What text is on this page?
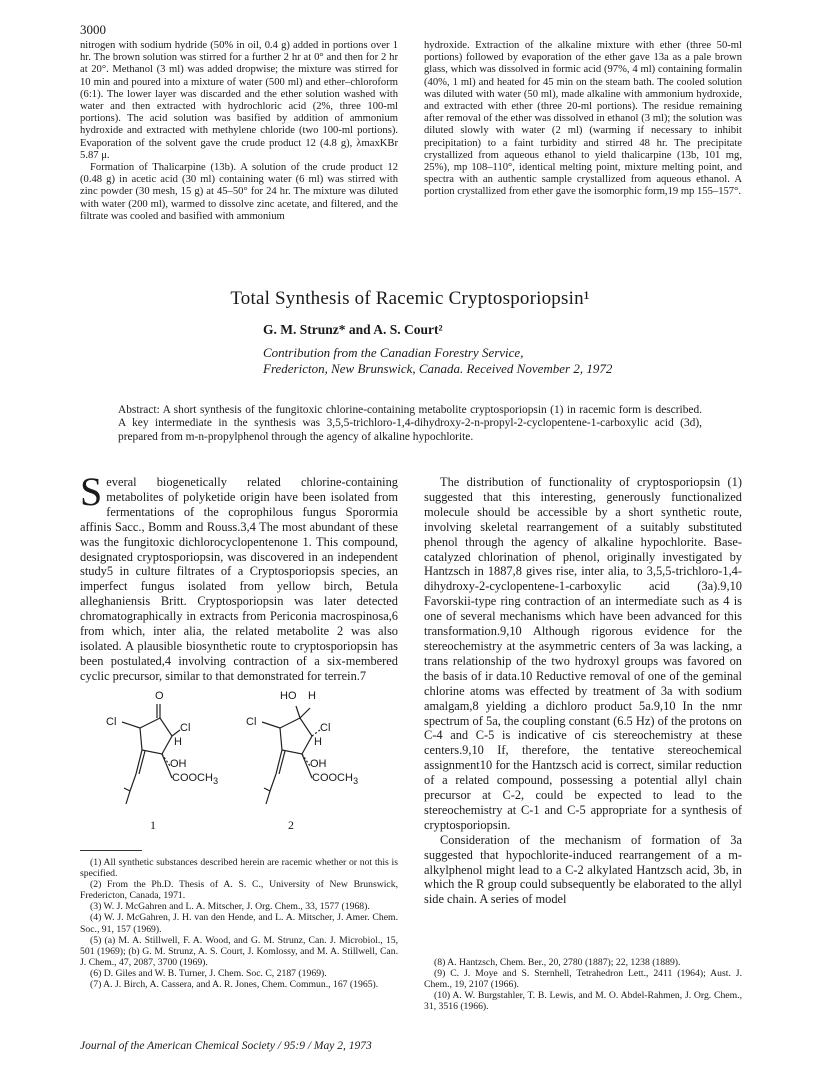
3000

nitrogen with sodium hydride (50% in oil, 0.4 g) added in portions over 1 hr. The brown solution was stirred for a further 2 hr at 0° and then for 2 hr at 20°. Methanol (3 ml) was added dropwise; the mixture was stirred for 10 min and poured into a mixture of water (500 ml) and ether–chloroform (6:1). The lower layer was discarded and the ether solution washed with water and then extracted with hydrochloric acid (2%, three 100-ml portions). The acid solution was basified by addition of ammonium hydroxide and extracted with methylene chloride (two 100-ml portions). Evaporation of the solvent gave the crude product 12 (4.8 g), λmaxKBr 5.87 μ.

Formation of Thalicarpine (13b). A solution of the crude product 12 (0.48 g) in acetic acid (30 ml) containing water (6 ml) was stirred with zinc powder (30 mesh, 15 g) at 45–50° for 24 hr. The mixture was diluted with water (200 ml), warmed to dissolve zinc acetate, and filtered, and the filtrate was cooled and basified with ammonium

hydroxide. Extraction of the alkaline mixture with ether (three 50-ml portions) followed by evaporation of the ether gave 13a as a pale brown glass, which was dissolved in formic acid (97%, 4 ml) containing formalin (40%, 1 ml) and heated for 45 min on the steam bath. The cooled solution was diluted with water (50 ml), made alkaline with ammonium hydroxide, and extracted with ether (three 20-ml portions). The residue remaining after removal of the ether was dissolved in ethanol (3 ml); the solution was diluted slowly with water (2 ml) (warming if necessary to inhibit precipitation) to a faint turbidity and stirred 48 hr. The precipitate crystallized from aqueous ethanol to yield thalicarpine (13b, 101 mg, 25%), mp 108–110°, identical melting point, mixture melting point, and spectra with an authentic sample crystallized from aqueous ethanol. A portion crystallized from ether gave the isomorphic form,19 mp 155–157°.

Total Synthesis of Racemic Cryptosporiopsin¹
G. M. Strunz* and A. S. Court²
Contribution from the Canadian Forestry Service,
Fredericton, New Brunswick, Canada. Received November 2, 1972
Abstract: A short synthesis of the fungitoxic chlorine-containing metabolite cryptosporiopsin (1) in racemic form is described. A key intermediate in the synthesis was 3,5,5-trichloro-1,4-dihydroxy-2-n-propyl-2-cyclopentene-1-carboxylic acid (3d), prepared from m-n-propylphenol through the agency of alkaline hypochlorite.

Several biogenetically related chlorine-containing metabolites of polyketide origin have been isolated from fermentations of the coprophilous fungus Sporormia affinis Sacc., Bomm and Rouss.3,4 The most abundant of these was the fungitoxic dichlorocyclopentenone 1. This compound, designated cryptosporiopsin, was discovered in an independent study5 in culture filtrates of a Cryptosporiopsis species, an imperfect fungus isolated from yellow birch, Betula alleghaniensis Britt. Cryptosporiopsin was later detected chromatographically in extracts from Periconia macrospinosa,6 from which, inter alia, the related metabolite 2 was also isolated. A plausible biosynthetic route to cryptosporiopsin has been postulated,4 involving contraction of a six-membered cyclic precursor, similar to that demonstrated for terrein.7

O
Cl	Cl
H
OH
$COOCH_3$
HO H
Cl	Cl
H
OH
$COOCH_3$
1	2

The distribution of functionality of cryptosporiopsin (1) suggested that this interesting, generously functionalized molecule should be accessible by a short synthetic route, involving skeletal rearrangement of a suitably substituted phenol through the agency of alkaline hypochlorite. Base-catalyzed chlorination of phenol, originally investigated by Hantzsch in 1887,8 gives rise, inter alia, to 3,5,5-trichloro-1,4-dihydroxy-2-cyclopentene-1-carboxylic acid (3a).9,10 Favorskii-type ring contraction of an intermediate such as 4 is one of several mechanisms which have been advanced for this transformation.9,10 Although rigorous evidence for the stereochemistry at the asymmetric centers of 3a was lacking, a trans relationship of the two hydroxyl groups was favored on the basis of ir data.10 Reductive removal of one of the geminal chlorine atoms was effected by treatment of 3a with sodium amalgam,8 yielding a dichloro product 5a.9,10 In the nmr spectrum of 5a, the coupling constant (6.5 Hz) of the protons on C-4 and C-5 is indicative of cis stereochemistry at these centers.9,10 If, therefore, the tentative stereochemical assignment10 for the Hantzsch acid is correct, similar reduction of a related compound, possessing a potential allyl chain precursor at C-2, could be expected to lead to the stereochemistry at C-1 and C-5 appropriate for a synthesis of cryptosporiopsin.

Consideration of the mechanism of formation of 3a suggested that hypochlorite-induced rearrangement of a m-alkylphenol might lead to a C-2 alkylated Hantzsch acid, 3b, in which the R group could subsequently be elaborated to the allyl side chain. A series of model

(1) All synthetic substances described herein are racemic whether or not this is specified.

(2) From the Ph.D. Thesis of A. S. C., University of New Brunswick, Fredericton, Canada, 1971.

(3) W. J. McGahren and L. A. Mitscher, J. Org. Chem., 33, 1577 (1968).

(4) W. J. McGahren, J. H. van den Hende, and L. A. Mitscher, J. Amer. Chem. Soc., 91, 157 (1969).

(5) (a) M. A. Stillwell, F. A. Wood, and G. M. Strunz, Can. J. Microbiol., 15, 501 (1969); (b) G. M. Strunz, A. S. Court, J. Komlossy, and M. A. Stillwell, Can. J. Chem., 47, 2087, 3700 (1969).

(6) D. Giles and W. B. Turner, J. Chem. Soc. C, 2187 (1969).

(7) A. J. Birch, A. Cassera, and A. R. Jones, Chem. Commun., 167 (1965).

(8) A. Hantzsch, Chem. Ber., 20, 2780 (1887); 22, 1238 (1889).

(9) C. J. Moye and S. Sternhell, Tetrahedron Lett., 2411 (1964); Aust. J. Chem., 19, 2107 (1966).

(10) A. W. Burgstahler, T. B. Lewis, and M. O. Abdel-Rahmen, J. Org. Chem., 31, 3516 (1966).

Journal of the American Chemical Society / 95:9 / May 2, 1973
